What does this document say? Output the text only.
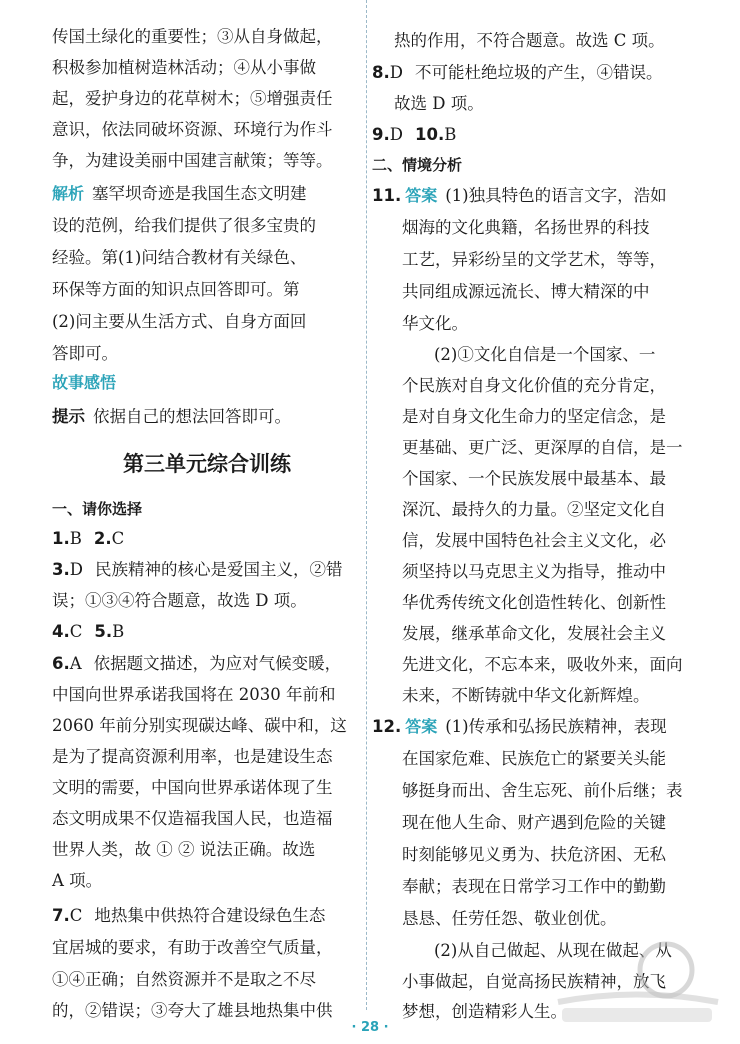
传国土绿化的重要性；③从自身做起，
积极参加植树造林活动；④从小事做
起，爱护身边的花草树木；⑤增强责任
意识，依法同破坏资源、环境行为作斗
争，为建设美丽中国建言献策；等等。
解析 塞罕坝奇迹是我国生态文明建
设的范例，给我们提供了很多宝贵的
经验。第(1)问结合教材有关绿色、
环保等方面的知识点回答即可。第
(2)问主要从生活方式、自身方面回
答即可。
故事感悟
提示 依据自己的想法回答即可。
第三单元综合训练
一、请你选择
1.B 2.C
3.D 民族精神的核心是爱国主义，②错
误；①③④符合题意，故选 D 项。
4.C 5.B
6.A 依据题文描述，为应对气候变暖，
中国向世界承诺我国将在 2030 年前和
2060 年前分别实现碳达峰、碳中和，这
是为了提高资源利用率，也是建设生态
文明的需要，中国向世界承诺体现了生
态文明成果不仅造福我国人民，也造福
世界人类，故 ① ② 说法正确。故选
A 项。
7.C 地热集中供热符合建设绿色生态
宜居城的要求，有助于改善空气质量，
①④正确；自然资源并不是取之不尽
的，②错误；③夸大了雄县地热集中供
热的作用，不符合题意。故选 C 项。
8.D 不可能杜绝垃圾的产生，④错误。
故选 D 项。
9.D 10.B
二、情境分析
11. 答案 (1)独具特色的语言文字，浩如
烟海的文化典籍，名扬世界的科技
工艺，异彩纷呈的文学艺术，等等，
共同组成源远流长、博大精深的中
华文化。
(2)①文化自信是一个国家、一
个民族对自身文化价值的充分肯定，
是对自身文化生命力的坚定信念，是
更基础、更广泛、更深厚的自信，是一
个国家、一个民族发展中最基本、最
深沉、最持久的力量。②坚定文化自
信，发展中国特色社会主义文化，必
须坚持以马克思主义为指导，推动中
华优秀传统文化创造性转化、创新性
发展，继承革命文化，发展社会主义
先进文化，不忘本来，吸收外来，面向
未来，不断铸就中华文化新辉煌。
12. 答案 (1)传承和弘扬民族精神，表现
在国家危难、民族危亡的紧要关头能
够挺身而出、舍生忘死、前仆后继；表
现在他人生命、财产遇到危险的关键
时刻能够见义勇为、扶危济困、无私
奉献；表现在日常学习工作中的勤勤
恳恳、任劳任怨、敬业创优。
(2)从自己做起、从现在做起、从
小事做起，自觉高扬民族精神，放飞
梦想，创造精彩人生。
· 28 ·
